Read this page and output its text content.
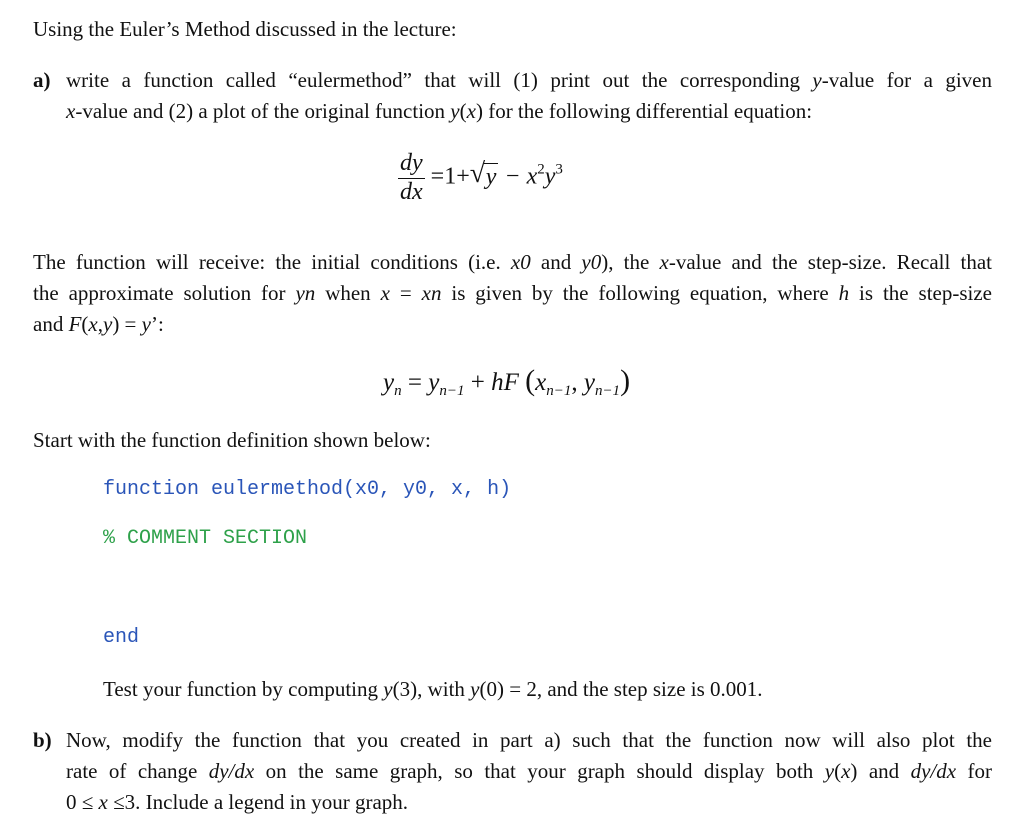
Using the Euler’s Method discussed in the lecture:
a) write a function called “eulermethod” that will (1) print out the corresponding y-value for a given
x-value and (2) a plot of the original function y(x) for the following differential equation:
$\frac{dy}{dx} =1+$ √ $y - x^2y^3$
The function will receive: the initial conditions (i.e. x0 and y0), the x-value and the step-size. Recall that
the approximate solution for yn when x = xn is given by the following equation, where h is the step-size
and F(x,y) = y’:
$y_n = y_{n-1}$ + hF ($x_{n-1}$, $y_{n-1}$)
Start with the function definition shown below:
function eulermethod(x0, y0, x, h)
% COMMENT SECTION
end
Test your function by computing y(3), with y(0) = 2, and the step size is 0.001.
b) Now, modify the function that you created in part a) such that the function now will also plot the
rate of change dy/dx on the same graph, so that your graph should display both y(x) and dy/dx for
0 ≤ x ≤3. Include a legend in your graph.
